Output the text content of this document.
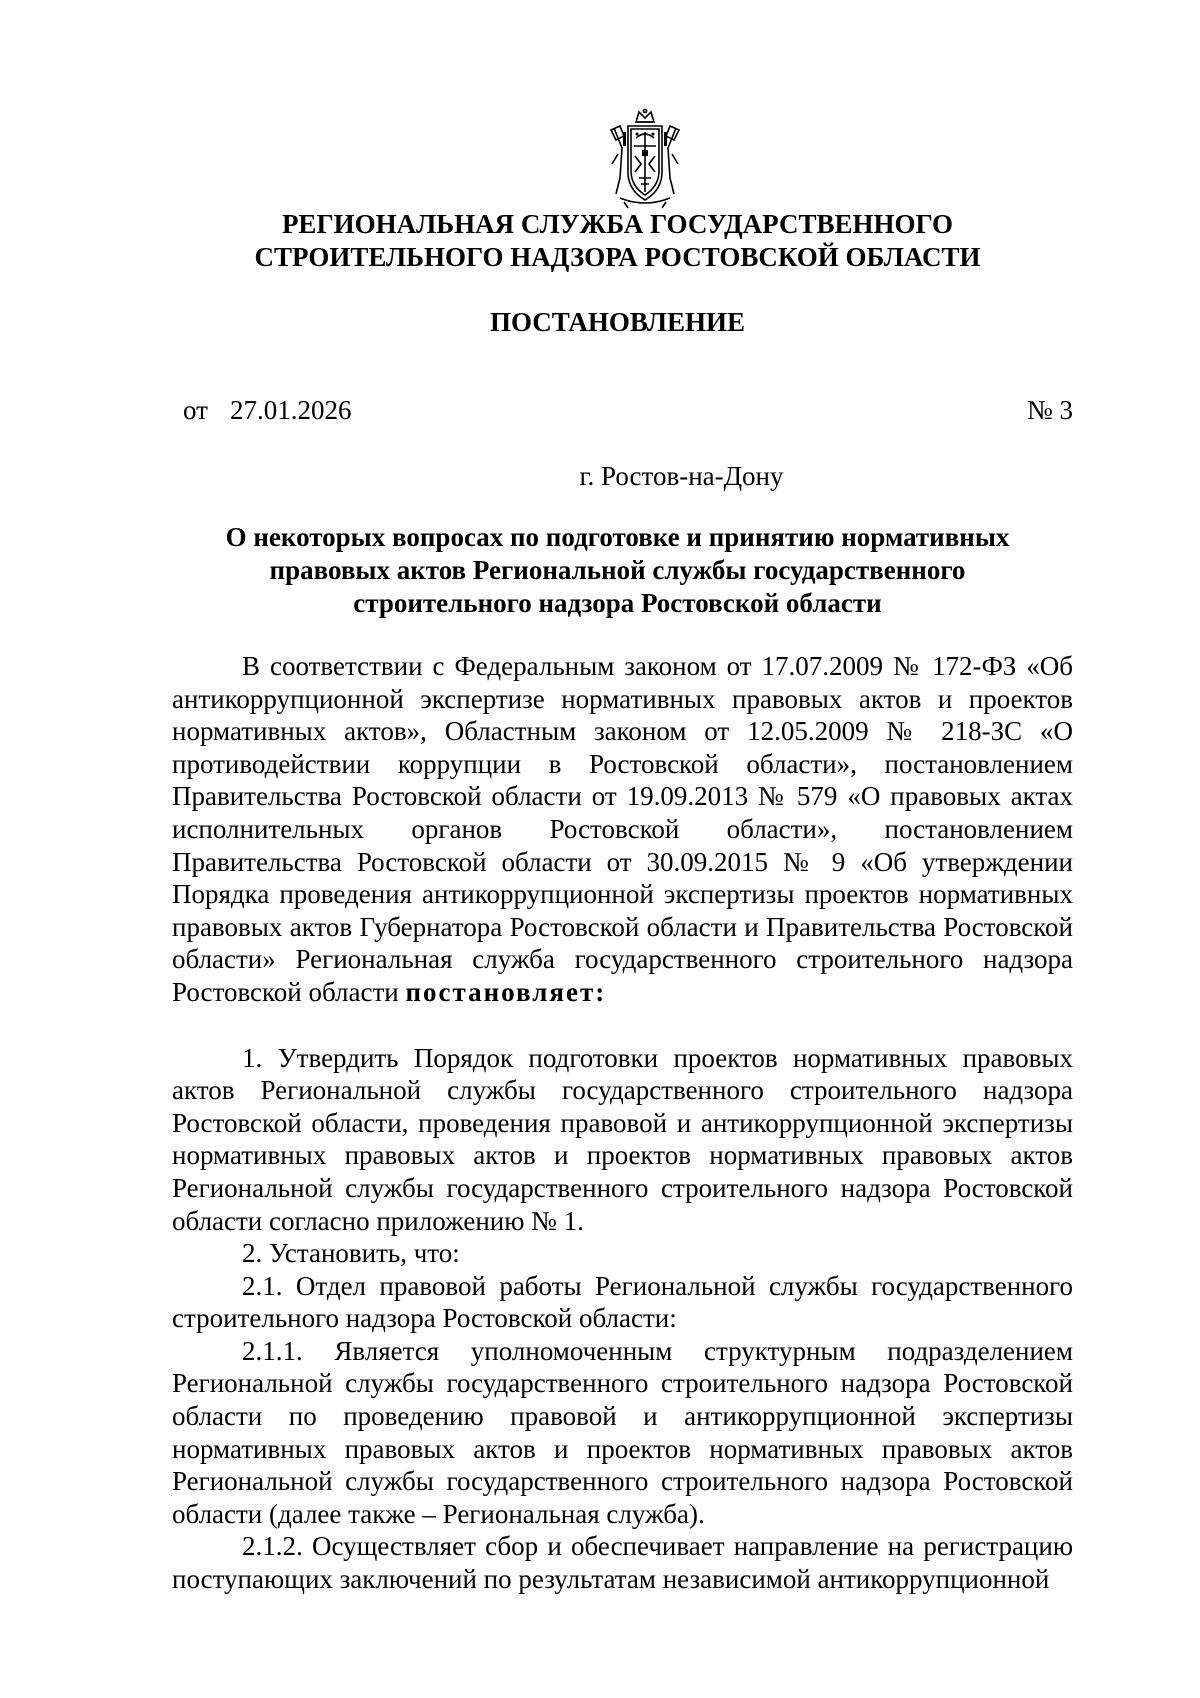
РЕГИОНАЛЬНАЯ СЛУЖБА ГОСУДАРСТВЕННОГО
СТРОИТЕЛЬНОГО НАДЗОРА РОСТОВСКОЙ ОБЛАСТИ
ПОСТАНОВЛЕНИЕ
от 27.01.2026	№ 3
г. Ростов-на-Дону
О некоторых вопросах по подготовке и принятию нормативных
правовых актов Региональной службы государственного
строительного надзора Ростовской области

В соответствии с Федеральным законом от 17.07.2009 № 172-ФЗ «Об антикоррупционной экспертизе нормативных правовых актов и проектов нормативных актов», Областным законом от 12.05.2009 № 218-ЗС «О противодействии коррупции в Ростовской области», постановлением Правительства Ростовской области от 19.09.2013 № 579 «О правовых актах исполнительных органов Ростовской области», постановлением Правительства Ростовской области от 30.09.2015 № 9 «Об утверждении Порядка проведения антикоррупционной экспертизы проектов нормативных правовых актов Губернатора Ростовской области и Правительства Ростовской области» Региональная служба государственного строительного надзора Ростовской области постановляет:

1. Утвердить Порядок подготовки проектов нормативных правовых актов Региональной службы государственного строительного надзора Ростовской области, проведения правовой и антикоррупционной экспертизы нормативных правовых актов и проектов нормативных правовых актов Региональной службы государственного строительного надзора Ростовской области согласно приложению № 1.

2. Установить, что:

2.1. Отдел правовой работы Региональной службы государственного строительного надзора Ростовской области:

2.1.1. Является уполномоченным структурным подразделением Региональной службы государственного строительного надзора Ростовской области по проведению правовой и антикоррупционной экспертизы нормативных правовых актов и проектов нормативных правовых актов Региональной службы государственного строительного надзора Ростовской области (далее также – Региональная служба).

2.1.2. Осуществляет сбор и обеспечивает направление на регистрацию поступающих заключений по результатам независимой антикоррупционной
